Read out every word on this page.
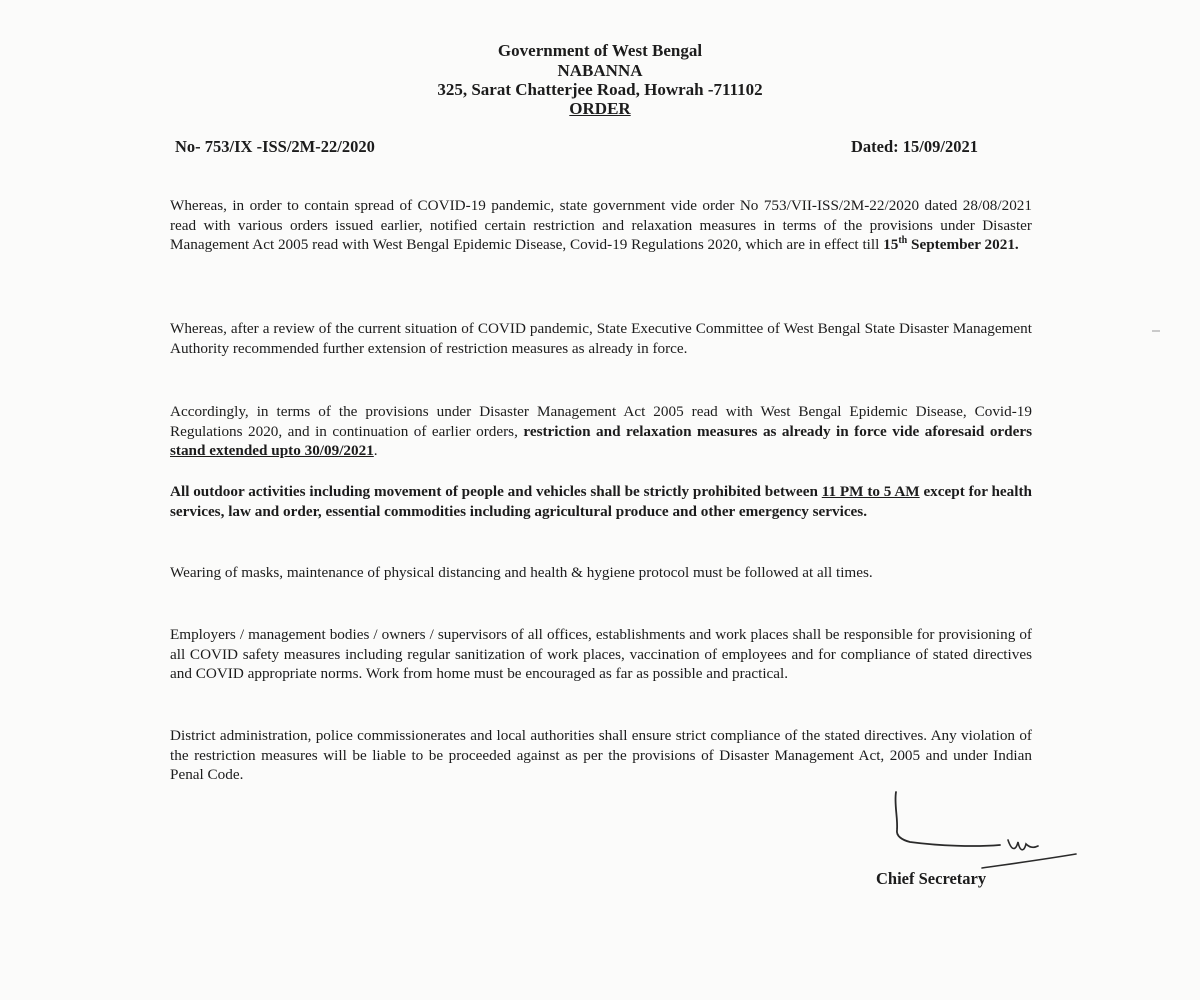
Government of West Bengal
NABANNA
325, Sarat Chatterjee Road, Howrah -711102
ORDER
No- 753/IX -ISS/2M-22/2020	Dated: 15/09/2021
Whereas, in order to contain spread of COVID-19 pandemic, state government vide order No 753/VII-ISS/2M-22/2020 dated 28/08/2021 read with various orders issued earlier, notified certain restriction and relaxation measures in terms of the provisions under Disaster Management Act 2005 read with West Bengal Epidemic Disease, Covid-19 Regulations 2020, which are in effect till 15th September 2021.
Whereas, after a review of the current situation of COVID pandemic, State Executive Committee of West Bengal State Disaster Management Authority recommended further extension of restriction measures as already in force.
Accordingly, in terms of the provisions under Disaster Management Act 2005 read with West Bengal Epidemic Disease, Covid-19 Regulations 2020, and in continuation of earlier orders, restriction and relaxation measures as already in force vide aforesaid orders stand extended upto 30/09/2021.
All outdoor activities including movement of people and vehicles shall be strictly prohibited between 11 PM to 5 AM except for health services, law and order, essential commodities including agricultural produce and other emergency services.
Wearing of masks, maintenance of physical distancing and health & hygiene protocol must be followed at all times.
Employers / management bodies / owners / supervisors of all offices, establishments and work places shall be responsible for provisioning of all COVID safety measures including regular sanitization of work places, vaccination of employees and for compliance of stated directives and COVID appropriate norms. Work from home must be encouraged as far as possible and practical.
District administration, police commissionerates and local authorities shall ensure strict compliance of the stated directives. Any violation of the restriction measures will be liable to be proceeded against as per the provisions of Disaster Management Act, 2005 and under Indian Penal Code.
Chief Secretary
